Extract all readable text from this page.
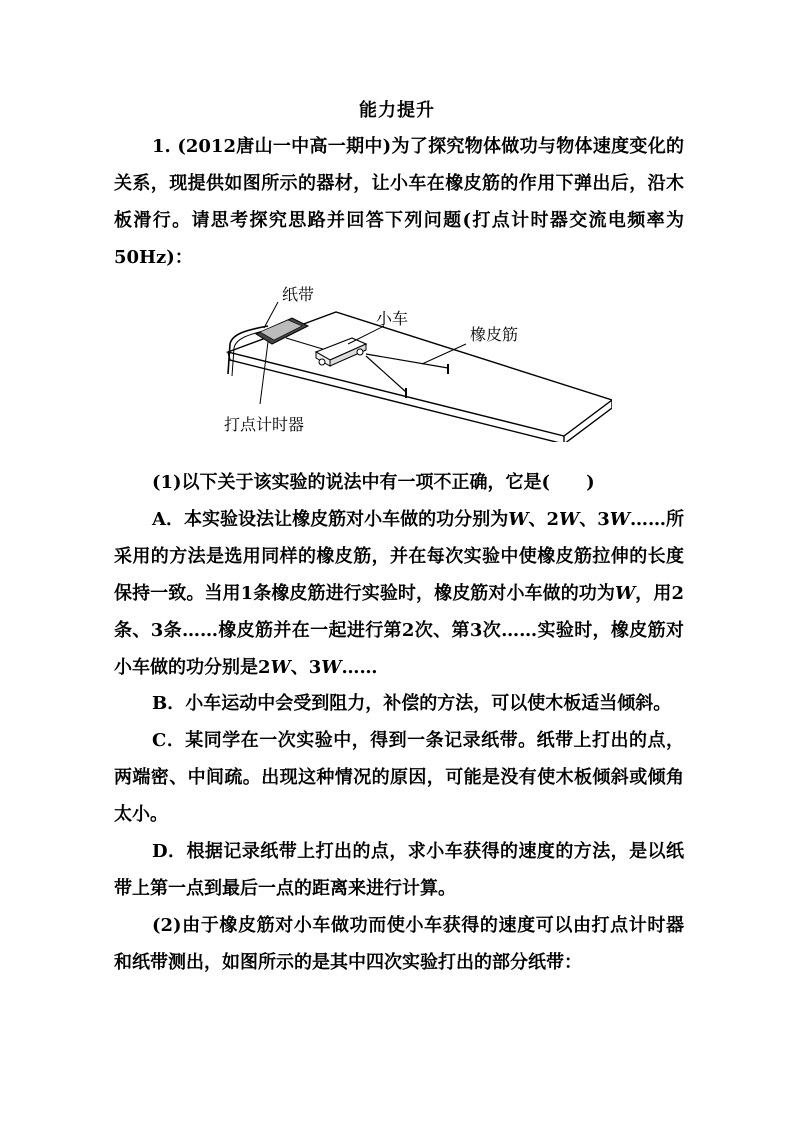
能力提升

1. (2012唐山一中高一期中)为了探究物体做功与物体速度变化的关系，现提供如图所示的器材，让小车在橡皮筋的作用下弹出后，沿木板滑行。请思考探究思路并回答下列问题(打点计时器交流电频率为50Hz)：

纸带
小车
橡皮筋
打点计时器

(1)以下关于该实验的说法中有一项不正确，它是(　　)

A．本实验设法让橡皮筋对小车做的功分别为W、2W、3W……所采用的方法是选用同样的橡皮筋，并在每次实验中使橡皮筋拉伸的长度保持一致。当用1条橡皮筋进行实验时，橡皮筋对小车做的功为W，用2条、3条……橡皮筋并在一起进行第2次、第3次……实验时，橡皮筋对小车做的功分别是2W、3W……

B．小车运动中会受到阻力，补偿的方法，可以使木板适当倾斜。

C．某同学在一次实验中，得到一条记录纸带。纸带上打出的点，两端密、中间疏。出现这种情况的原因，可能是没有使木板倾斜或倾角太小。

D．根据记录纸带上打出的点，求小车获得的速度的方法，是以纸带上第一点到最后一点的距离来进行计算。

(2)由于橡皮筋对小车做功而使小车获得的速度可以由打点计时器和纸带测出，如图所示的是其中四次实验打出的部分纸带：
